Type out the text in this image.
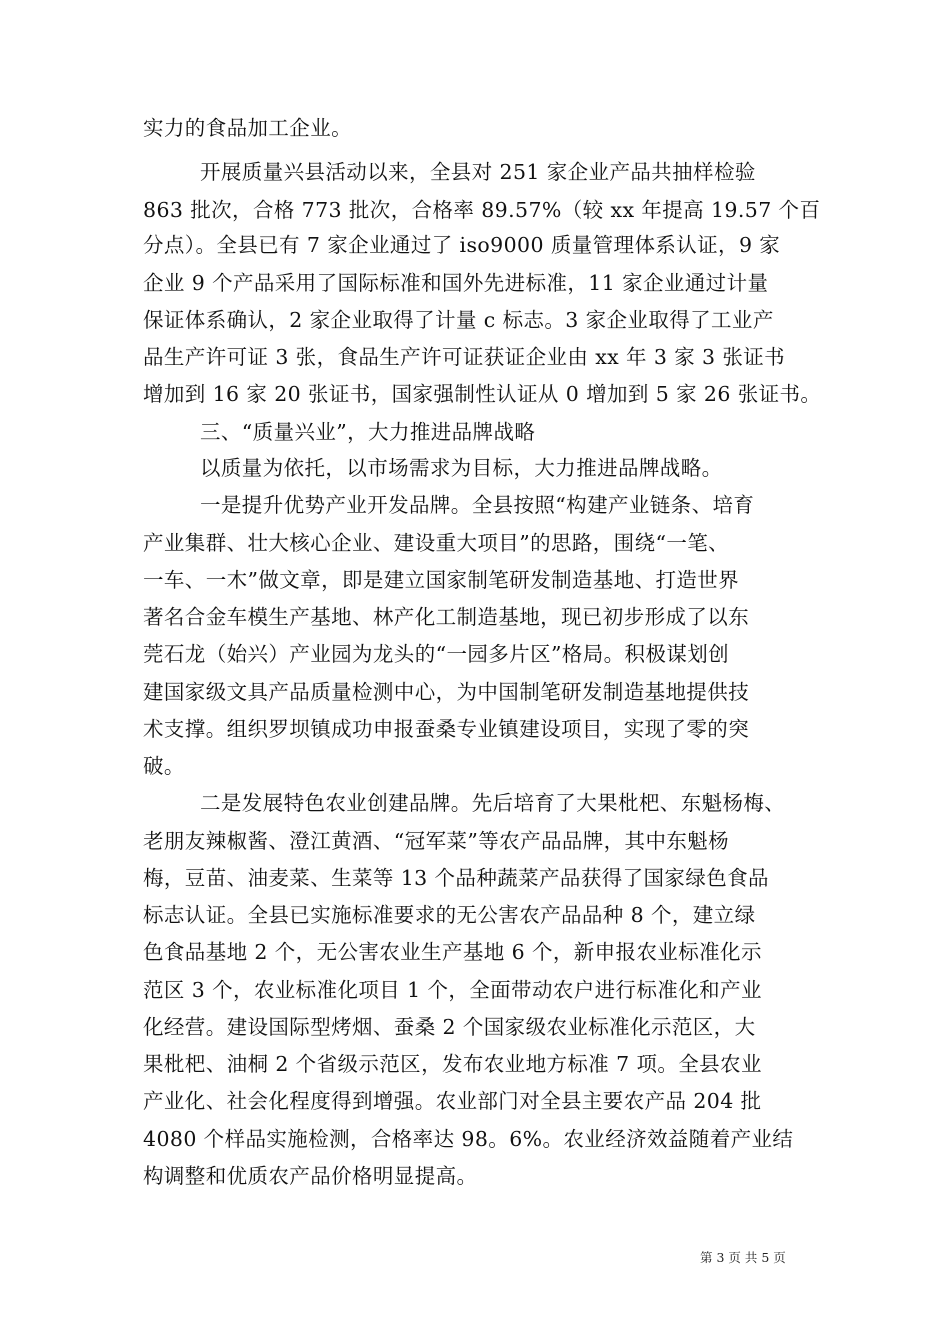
实力的食品加工企业。
开展质量兴县活动以来，全县对 251 家企业产品共抽样检验
863 批次，合格 773 批次，合格率 89.57%（较 xx 年提高 19.57 个百
分点）。全县已有 7 家企业通过了 iso9000 质量管理体系认证，9 家
企业 9 个产品采用了国际标准和国外先进标准，11 家企业通过计量
保证体系确认，2 家企业取得了计量 c 标志。3 家企业取得了工业产
品生产许可证 3 张，食品生产许可证获证企业由 xx 年 3 家 3 张证书
增加到 16 家 20 张证书，国家强制性认证从 0 增加到 5 家 26 张证书。
三、“质量兴业”，大力推进品牌战略
以质量为依托，以市场需求为目标，大力推进品牌战略。
一是提升优势产业开发品牌。全县按照“构建产业链条、培育
产业集群、壮大核心企业、建设重大项目”的思路，围绕“一笔、
一车、一木”做文章，即是建立国家制笔研发制造基地、打造世界
著名合金车模生产基地、林产化工制造基地，现已初步形成了以东
莞石龙（始兴）产业园为龙头的“一园多片区”格局。积极谋划创
建国家级文具产品质量检测中心，为中国制笔研发制造基地提供技
术支撑。组织罗坝镇成功申报蚕桑专业镇建设项目，实现了零的突
破。
二是发展特色农业创建品牌。先后培育了大果枇杷、东魁杨梅、
老朋友辣椒酱、澄江黄酒、“冠军菜”等农产品品牌，其中东魁杨
梅，豆苗、油麦菜、生菜等 13 个品种蔬菜产品获得了国家绿色食品
标志认证。全县已实施标准要求的无公害农产品品种 8 个，建立绿
色食品基地 2 个，无公害农业生产基地 6 个，新申报农业标准化示
范区 3 个，农业标准化项目 1 个，全面带动农户进行标准化和产业
化经营。建设国际型烤烟、蚕桑 2 个国家级农业标准化示范区，大
果枇杷、油桐 2 个省级示范区，发布农业地方标准 7 项。全县农业
产业化、社会化程度得到增强。农业部门对全县主要农产品 204 批
4080 个样品实施检测，合格率达 98。6%。农业经济效益随着产业结
构调整和优质农产品价格明显提高。
第 3 页 共 5 页
